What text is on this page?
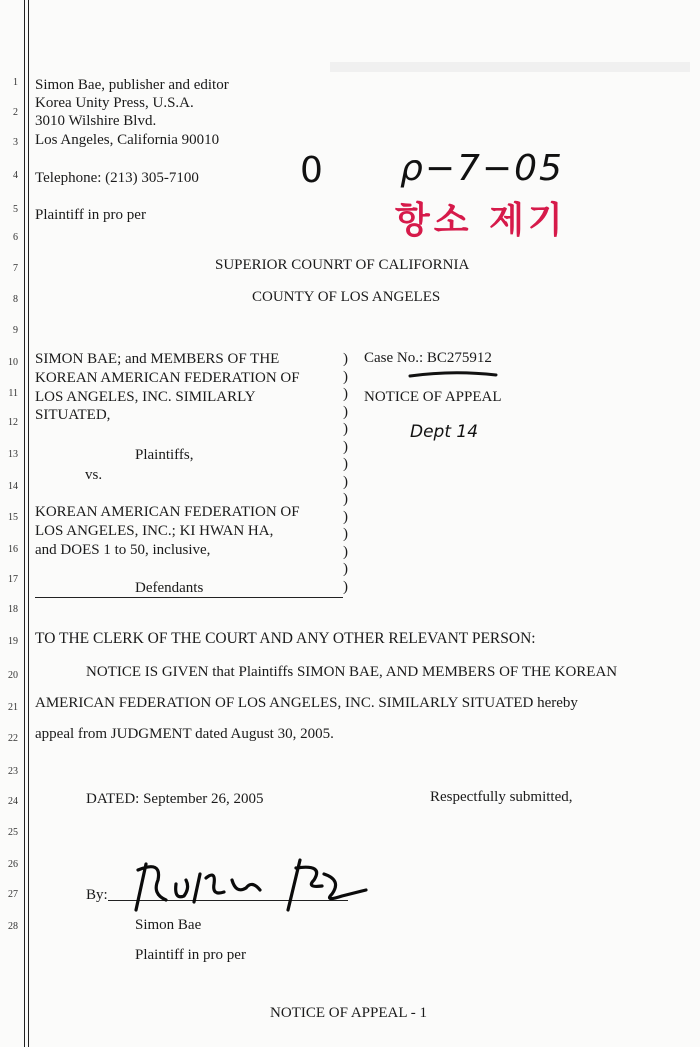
1
2
3
4
5
6
7
8
9
10
11
12
13
14
15
16
17
18
19
20
21
22
23
24
25
26
27
28
Simon Bae, publisher and editor
Korea Unity Press, U.S.A.
3010 Wilshire Blvd.
Los Angeles, California 90010
Telephone: (213) 305-7100
Plaintiff in pro per
0 ρ−7−05
항소 제기
Dept 14
SUPERIOR COUNRT OF CALIFORNIA
COUNTY OF LOS ANGELES
SIMON BAE; and MEMBERS OF THE
KOREAN AMERICAN FEDERATION OF
LOS ANGELES, INC. SIMILARLY
SITUATED,
Plaintiffs,
vs.
KOREAN AMERICAN FEDERATION OF
LOS ANGELES, INC.; KI HWAN HA,
and DOES 1 to 50, inclusive,
Defendants
)
)
)
)
)
)
)
)
)
)
)
)
)
)
Case No.: BC275912
NOTICE OF APPEAL
TO THE CLERK OF THE COURT AND ANY OTHER RELEVANT PERSON:
NOTICE IS GIVEN that Plaintiffs SIMON BAE, AND MEMBERS OF THE KOREAN
AMERICAN FEDERATION OF LOS ANGELES, INC. SIMILARLY SITUATED hereby
appeal from JUDGMENT dated August 30, 2005.
DATED: September 26, 2005	Respectfully submitted,
By:
Simon Bae
Plaintiff in pro per
NOTICE OF APPEAL - 1
